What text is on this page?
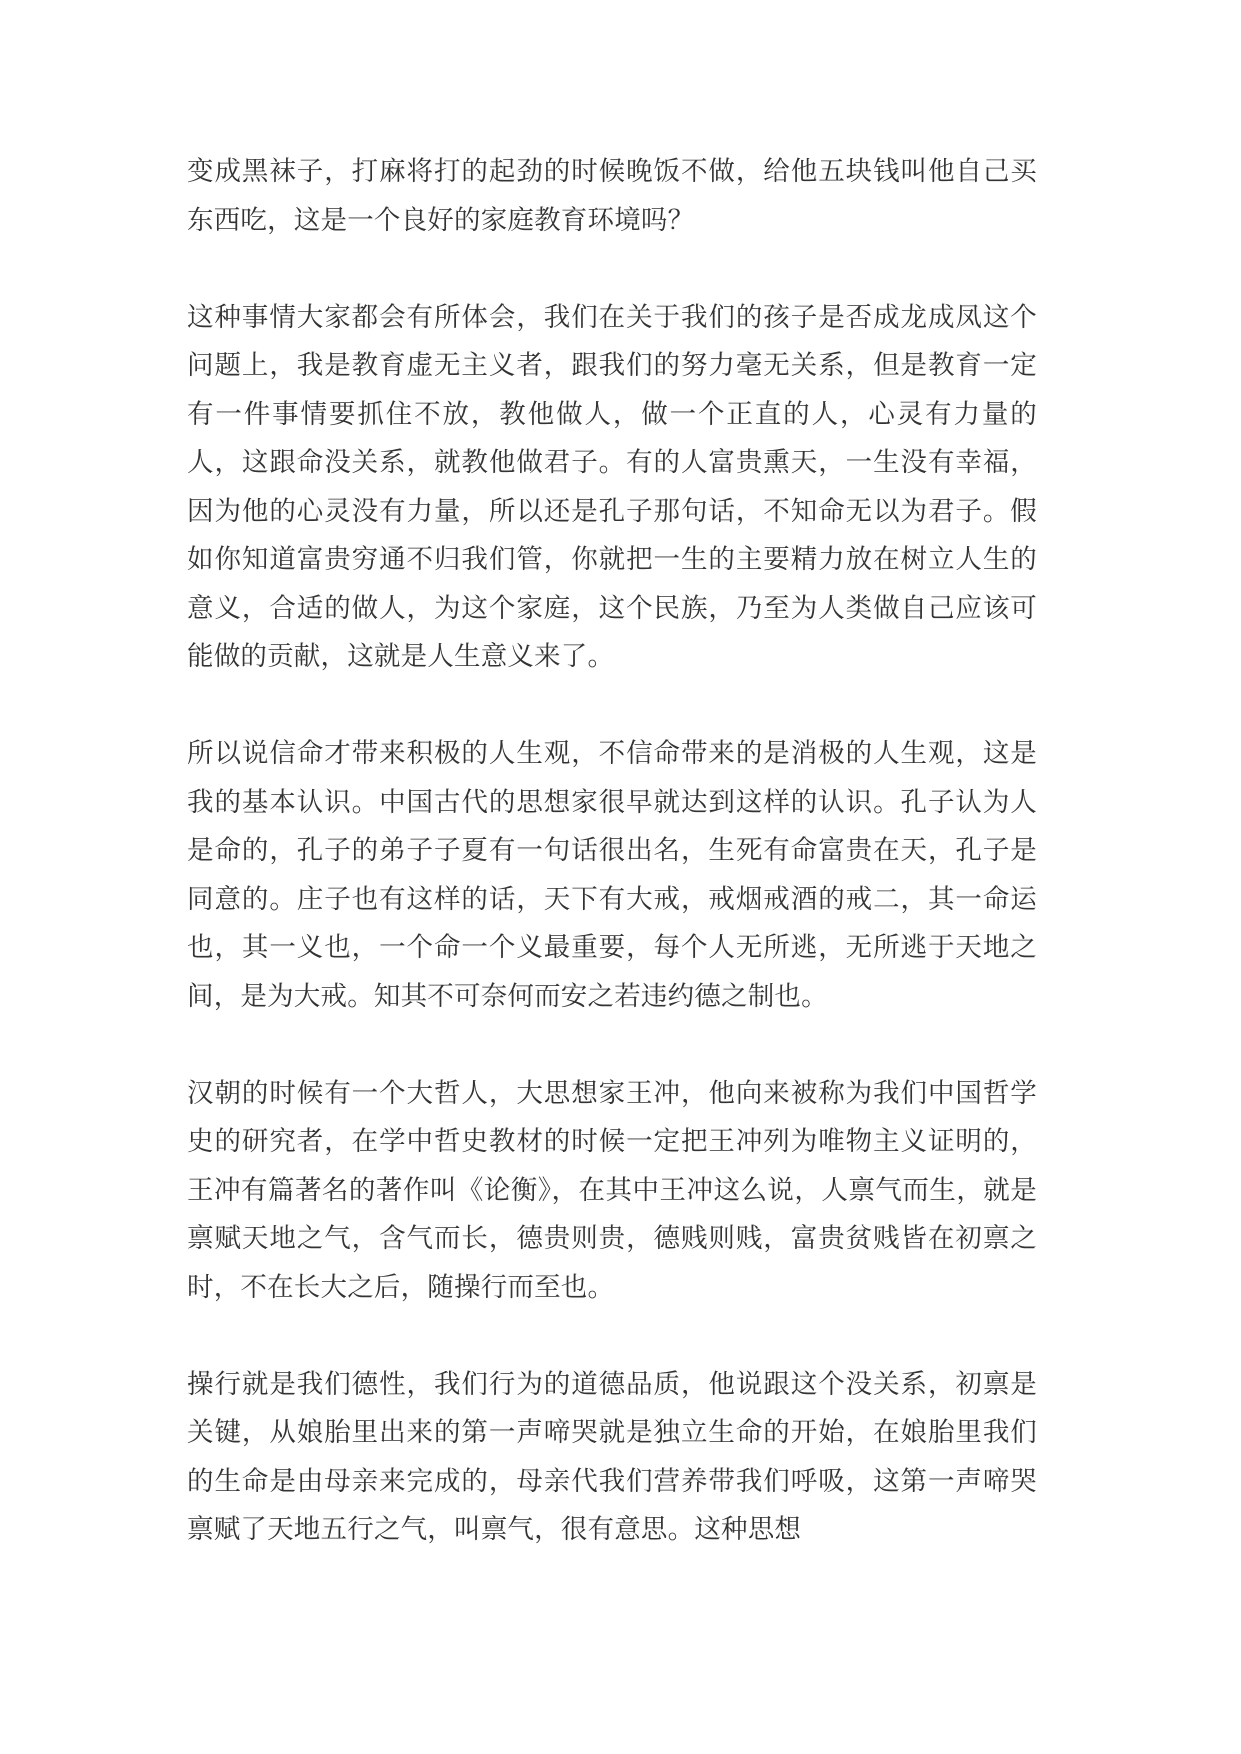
变成黑袜子，打麻将打的起劲的时候晚饭不做，给他五块钱叫他自己买东西吃，这是一个良好的家庭教育环境吗？

这种事情大家都会有所体会，我们在关于我们的孩子是否成龙成凤这个问题上，我是教育虚无主义者，跟我们的努力毫无关系，但是教育一定有一件事情要抓住不放，教他做人，做一个正直的人，心灵有力量的人，这跟命没关系，就教他做君子。有的人富贵熏天，一生没有幸福，因为他的心灵没有力量，所以还是孔子那句话，不知命无以为君子。假如你知道富贵穷通不归我们管，你就把一生的主要精力放在树立人生的意义，合适的做人，为这个家庭，这个民族，乃至为人类做自己应该可能做的贡献，这就是人生意义来了。

所以说信命才带来积极的人生观，不信命带来的是消极的人生观，这是我的基本认识。中国古代的思想家很早就达到这样的认识。孔子认为人是命的，孔子的弟子子夏有一句话很出名，生死有命富贵在天，孔子是同意的。庄子也有这样的话，天下有大戒，戒烟戒酒的戒二，其一命运也，其一义也，一个命一个义最重要，每个人无所逃，无所逃于天地之间，是为大戒。知其不可奈何而安之若违约德之制也。

汉朝的时候有一个大哲人，大思想家王冲，他向来被称为我们中国哲学史的研究者，在学中哲史教材的时候一定把王冲列为唯物主义证明的，王冲有篇著名的著作叫《论衡》，在其中王冲这么说，人禀气而生，就是禀赋天地之气，含气而长，德贵则贵，德贱则贱，富贵贫贱皆在初禀之时，不在长大之后，随操行而至也。

操行就是我们德性，我们行为的道德品质，他说跟这个没关系，初禀是关键，从娘胎里出来的第一声啼哭就是独立生命的开始，在娘胎里我们的生命是由母亲来完成的，母亲代我们营养带我们呼吸，这第一声啼哭禀赋了天地五行之气，叫禀气，很有意思。这种思想
